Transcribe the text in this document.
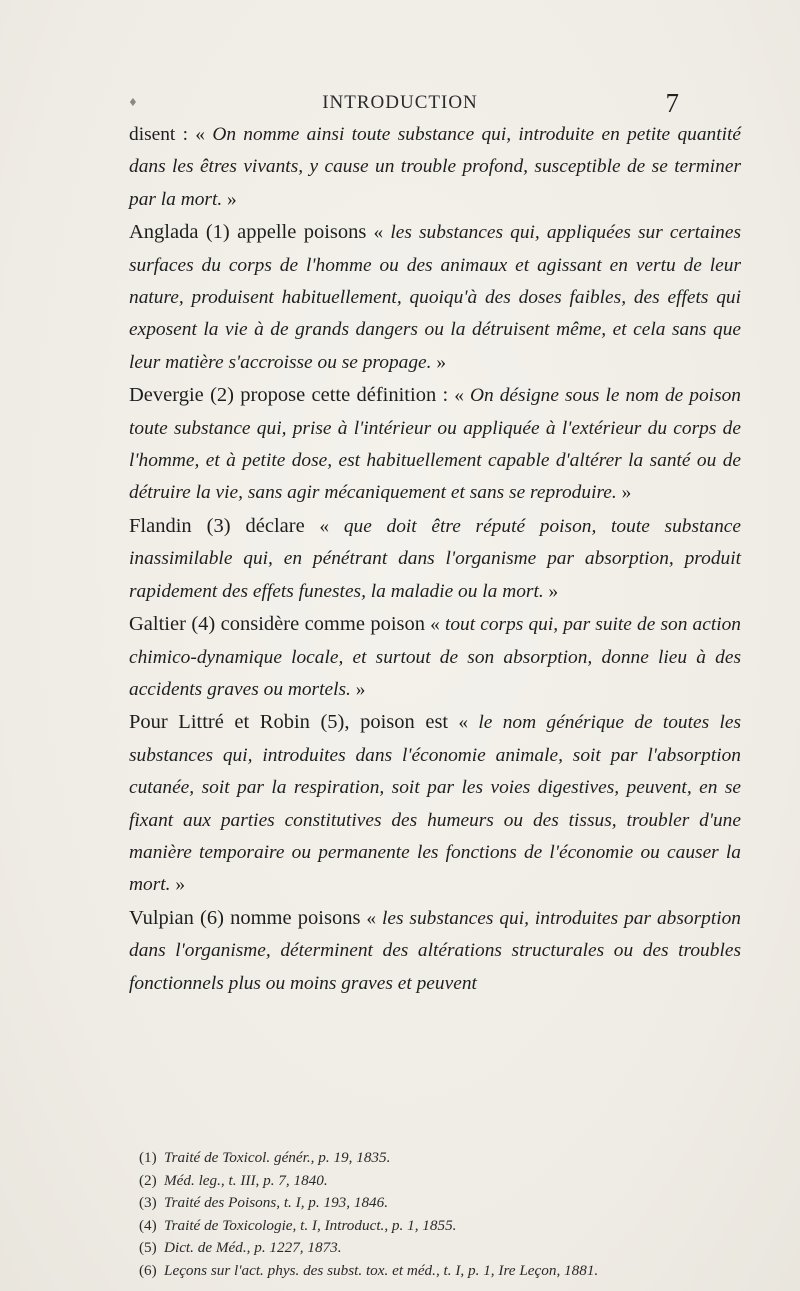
♦	INTRODUCTION	7

disent : « On nomme ainsi toute substance qui, introduite en petite quantité dans les êtres vivants, y cause un trouble profond, susceptible de se terminer par la mort. »

Anglada (1) appelle poisons « les substances qui, appliquées sur certaines surfaces du corps de l'homme ou des animaux et agissant en vertu de leur nature, produisent habituellement, quoiqu'à des doses faibles, des effets qui exposent la vie à de grands dangers ou la détruisent même, et cela sans que leur matière s'accroisse ou se propage. »

Devergie (2) propose cette définition : « On désigne sous le nom de poison toute substance qui, prise à l'intérieur ou appliquée à l'extérieur du corps de l'homme, et à petite dose, est habituellement capable d'altérer la santé ou de détruire la vie, sans agir mécaniquement et sans se reproduire. »

Flandin (3) déclare « que doit être réputé poison, toute substance inassimilable qui, en pénétrant dans l'organisme par absorption, produit rapidement des effets funestes, la maladie ou la mort. »

Galtier (4) considère comme poison « tout corps qui, par suite de son action chimico-dynamique locale, et surtout de son absorption, donne lieu à des accidents graves ou mortels. »

Pour Littré et Robin (5), poison est « le nom générique de toutes les substances qui, introduites dans l'économie animale, soit par l'absorption cutanée, soit par la respiration, soit par les voies digestives, peuvent, en se fixant aux parties constitutives des humeurs ou des tissus, troubler d'une manière temporaire ou permanente les fonctions de l'économie ou causer la mort. »

Vulpian (6) nomme poisons « les substances qui, introduites par absorption dans l'organisme, déterminent des altérations structurales ou des troubles fonctionnels plus ou moins graves et peuvent

(1) Traité de Toxicol. génér., p. 19, 1835.

(2) Méd. leg., t. III, p. 7, 1840.

(3) Traité des Poisons, t. I, p. 193, 1846.

(4) Traité de Toxicologie, t. I, Introduct., p. 1, 1855.

(5) Dict. de Méd., p. 1227, 1873.

(6) Leçons sur l'act. phys. des subst. tox. et méd., t. I, p. 1, Ire Leçon, 1881.
